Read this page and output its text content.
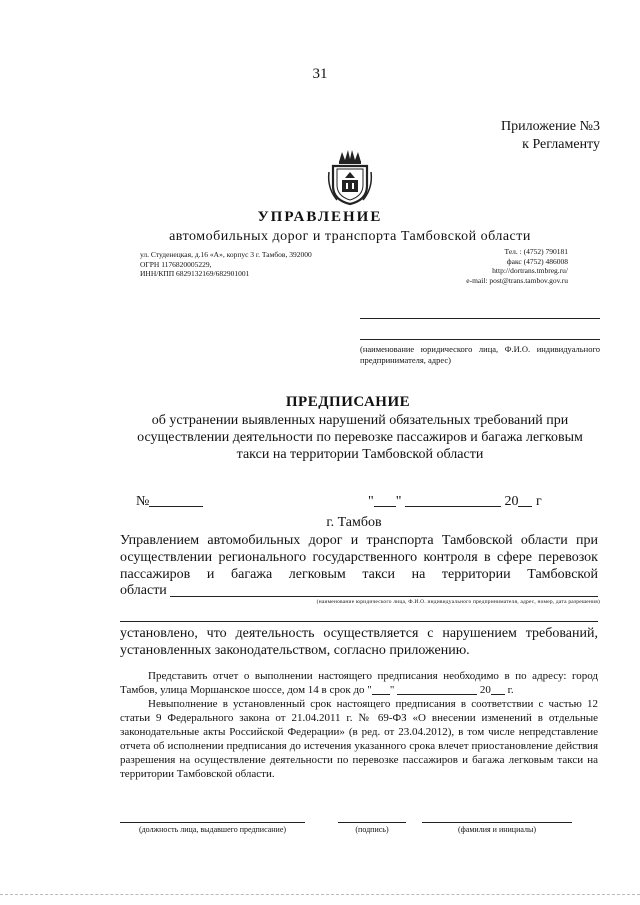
31
Приложение №3
к Регламенту
УПРАВЛЕНИЕ
автомобильных дорог и транспорта Тамбовской области
ул. Студенецкая, д.16 «А», корпус 3 г. Тамбов, 392000
ОГРН 1176820005229,
ИНН/КПП 6829132169/682901001
Тел. : (4752) 790181
факс (4752) 486008
http://dortrans.tmbreg.ru/
e-mail: post@trans.tambov.gov.ru
(наименование юридического лица, Ф.И.О. индивидуального предпринимателя, адрес)
ПРЕДПИСАНИЕ
об устранении выявленных нарушений обязательных требований при осуществлении деятельности по перевозке пассажиров и багажа легковым такси на территории Тамбовской области
№	" "	20 г
г. Тамбов
Управлением автомобильных дорог и транспорта Тамбовской области при осуществлении регионального государственного контроля в сфере перевозок пассажиров и багажа легковым такси на территории Тамбовской
области
(наименование юридического лица, Ф.И.О. индивидуального предпринимателя, адрес, номер, дата разрешения)
установлено, что деятельность осуществляется с нарушением требований, установленных законодательством, согласно приложению.
Представить отчет о выполнении настоящего предписания необходимо в по адресу: город Тамбов, улица Моршанское шоссе, дом 14 в срок до " "	20 г.
Невыполнение в установленный срок настоящего предписания в соответствии с частью 12 статьи 9 Федерального закона от 21.04.2011 г. № 69-ФЗ «О внесении изменений в отдельные законодательные акты Российской Федерации» (в ред. от 23.04.2012), в том числе непредставление отчета об исполнении предписания до истечения указанного срока влечет приостановление действия разрешения на осуществление деятельности по перевозке пассажиров и багажа легковым такси на территории Тамбовской области.
(должность лица, выдавшего предписание)	(подпись)	(фамилия и инициалы)
